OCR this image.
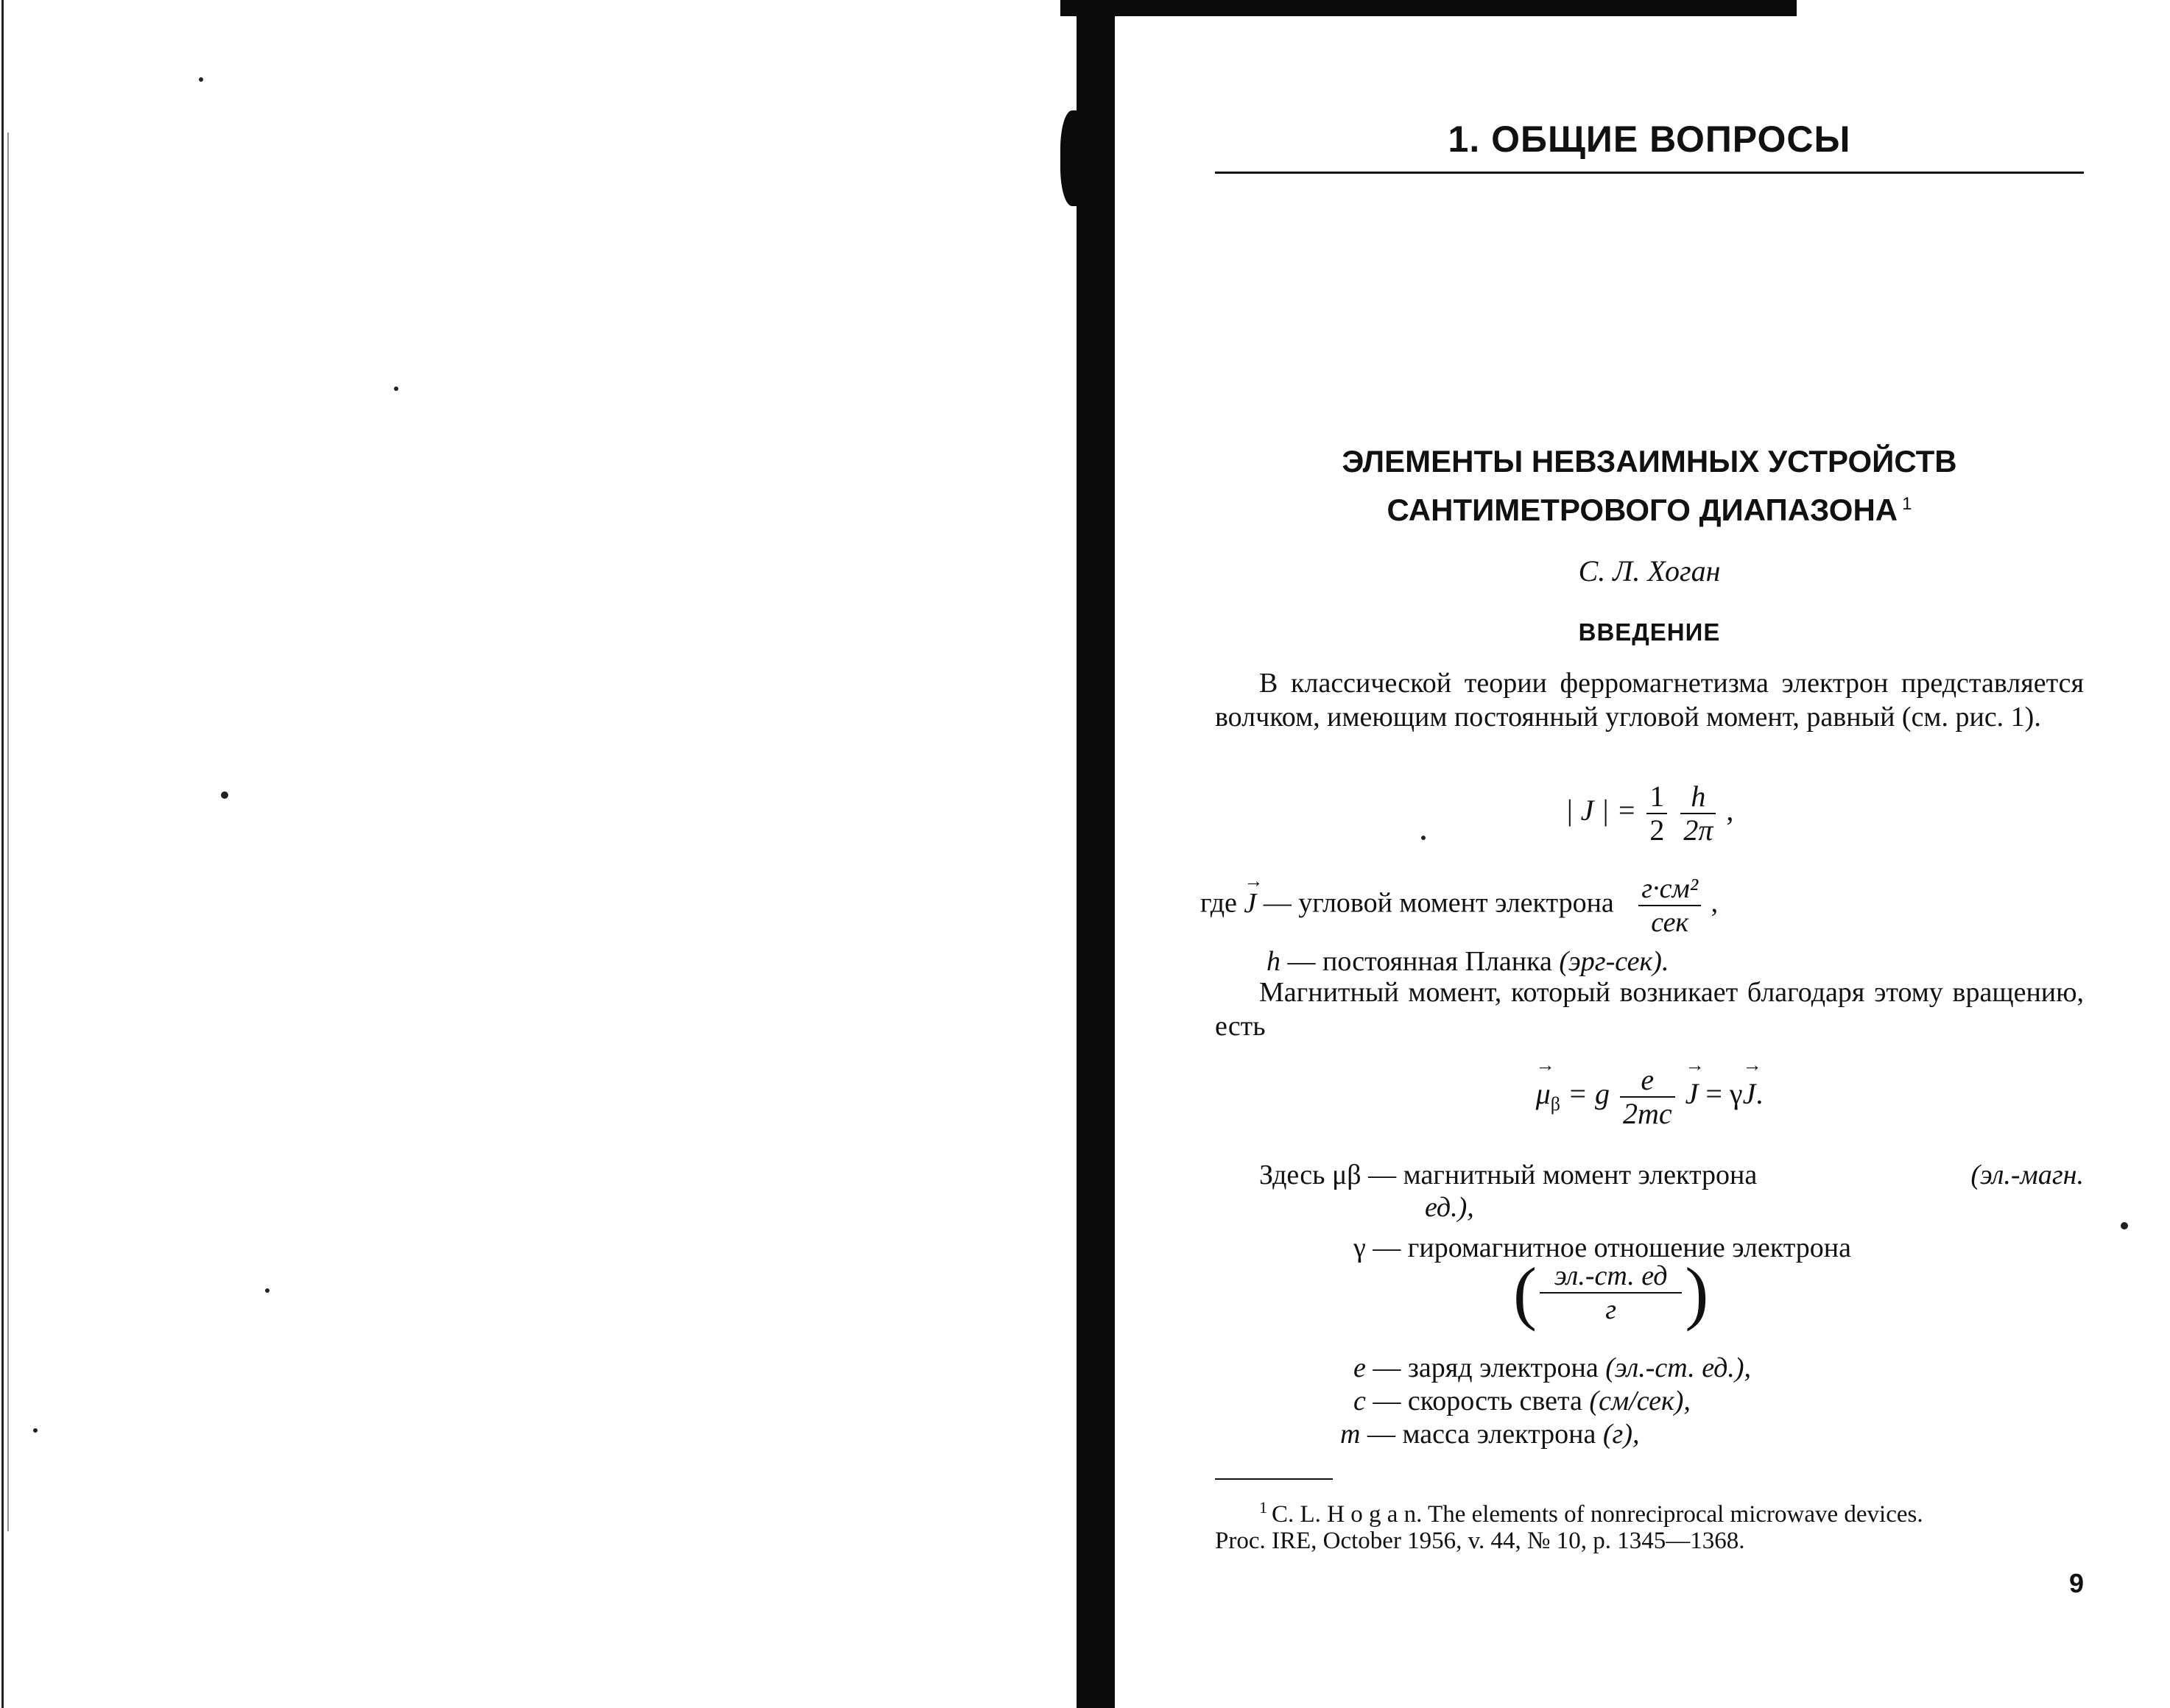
1. ОБЩИЕ ВОПРОСЫ
ЭЛЕМЕНТЫ НЕВЗАИМНЫХ УСТРОЙСТВ
САНТИМЕТРОВОГО ДИАПАЗОНА $^1$
С. Л. Хоган
ВВЕДЕНИЕ
В классической теории ферромагнетизма электрон представляется волчком, имеющим постоянный угловой момент, равный (см. рис. 1).
| J | = $\frac{1}{2}$
$\frac{h}{2\pi}$ ,
где → J — угловой момент электрона $\frac{\text{г·см²}}{\text{сек}}$ ,
h — постоянная Планка (эрг-сек).
Магнитный момент, который возникает благодаря этому вращению, есть
→ $\mu_\beta = g \frac{e}{2mc}$
→ J = γ→ J.
Здесь μβ — магнитный момент электрона	(эл.-магн.
ед.),
γ — гиромагнитное отношение электрона
( $\frac{эл.-ст. ед}{г}$ )
e — заряд электрона (эл.-ст. ед.),
c — скорость света (см/сек),
m — масса электрона (г),
$^1$ C. L. H o g a n. The elements of nonreciprocal microwave devices.
Proc. IRE, October 1956, v. 44, № 10, p. 1345—1368.
9
